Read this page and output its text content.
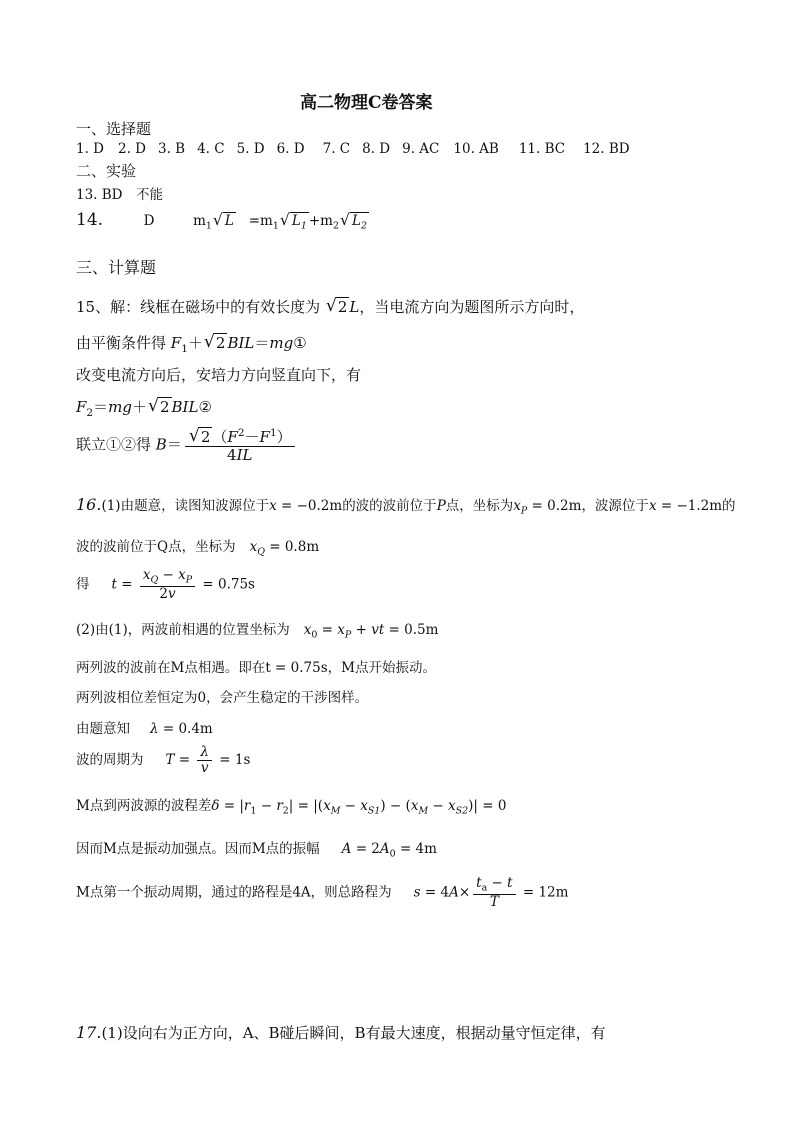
高二物理C卷答案
一、选择题
1. D 2. D 3. B 4. C 5. D 6. D 7. C 8. D 9. AC 10. AB 11. BC 12. BD
二、实验
13. BD　不能
14.	D	$m_1√$ $L =m_1√$ $L_1 +m_2√$ $L_2$
三、计算题
15、解：线框在磁场中的有效长度为 √ 2 L，当电流方向为题图所示方向时，
由平衡条件得 $F_1+√$ 2 BIL＝mg①
改变电流方向后，安培力方向竖直向下，有
$F_2=mg+√$ 2 BIL②
联立①②得 B＝
√ $\frac{2 (F^2-F^1)}{4IL}$
16.(1)由题意，读图知波源位于x = −0.2m的波的波前位于P点，坐标为$x_P = 0.2m$，波源位于x = −1.2m的
波的波前位于Q点，坐标为 $x_Q = 0.8m$
得 $t = \frac{x_Q - x_P}{2v} = 0.75s$
(2)由(1)，两波前相遇的位置坐标为 $x_0 = x_P$ + vt = 0.5m
两列波的波前在M点相遇。即在t = 0.75s，M点开始振动。
两列波相位差恒定为0，会产生稳定的干涉图样。
由题意知 λ = 0.4m
波的周期为 $T = \frac{\lambda}{v} = 1s$
M点到两波源的波程差$\delta = |r_1 - r_2| = |(x_M - x_{S1}) - (x_M - x_{S2})| = 0$
因而M点是振动加强点。因而M点的振幅 $A = 2A_0 = 4m$
M点第一个振动周期，通过的路程是4A，则总路程为 $s = 4A\times \frac{t_a - t}{T} = 12m$
17.(1)设向右为正方向，A、B碰后瞬间，B有最大速度，根据动量守恒定律，有
